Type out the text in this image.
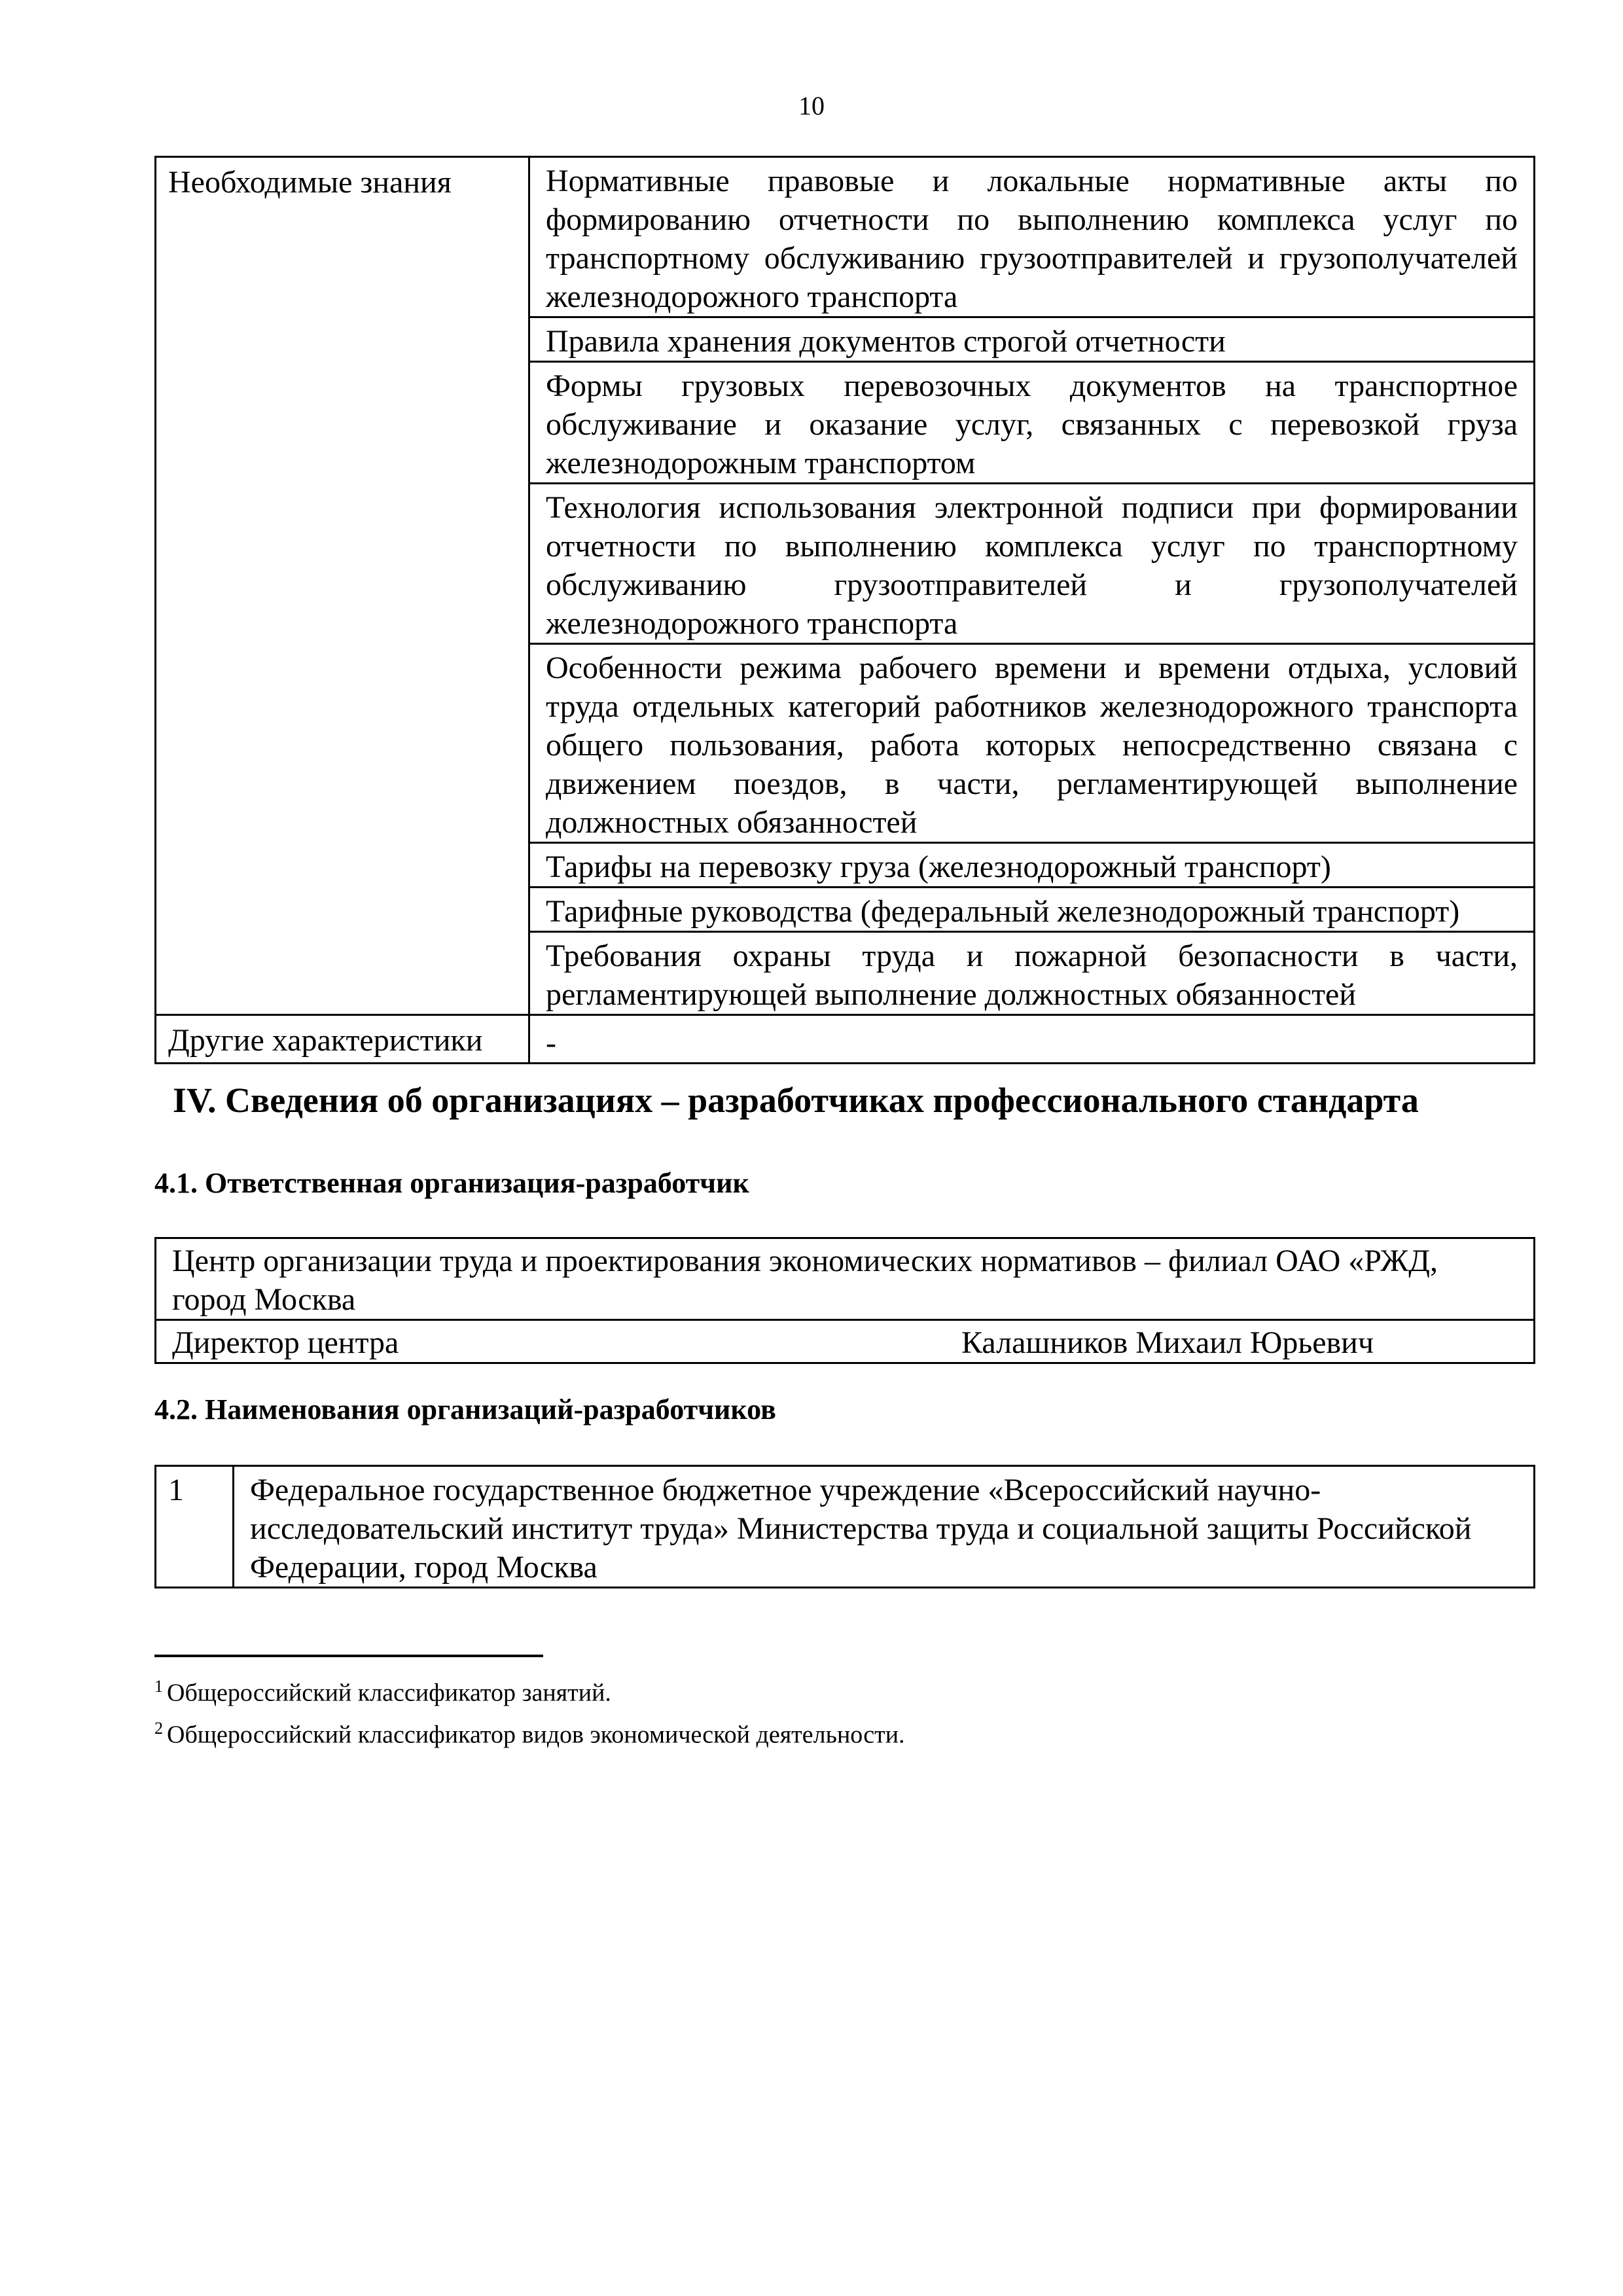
10
Необходимые знания	Нормативные правовые и локальные нормативные акты по формированию отчетности по выполнению комплекса услуг по транспортному обслуживанию грузоотправителей и грузополучателей железнодорожного транспорта
	Правила хранения документов строгой отчетности
	Формы грузовых перевозочных документов на транспортное обслуживание и оказание услуг, связанных с перевозкой груза железнодорожным транспортом
	Технология использования электронной подписи при формировании отчетности по выполнению комплекса услуг по транспортному обслуживанию грузоотправителей и грузополучателей железнодорожного транспорта
	Особенности режима рабочего времени и времени отдыха, условий труда отдельных категорий работников железнодорожного транспорта общего пользования, работа которых непосредственно связана с движением поездов, в части, регламентирующей выполнение должностных обязанностей
	Тарифы на перевозку груза (железнодорожный транспорт)
	Тарифные руководства (федеральный железнодорожный транспорт)
	Требования охраны труда и пожарной безопасности в части, регламентирующей выполнение должностных обязанностей
Другие характеристики	-
IV. Сведения об организациях – разработчиках профессионального стандарта
4.1. Ответственная организация-разработчик
Центр организации труда и проектирования экономических нормативов – филиал ОАО «РЖД, город Москва

Директор центра	Калашников Михаил Юрьевич
4.2. Наименования организаций-разработчиков
1	Федеральное государственное бюджетное учреждение «Всероссийский научно-исследовательский институт труда» Министерства труда и социальной защиты Российской Федерации, город Москва
$^1$ Общероссийский классификатор занятий.
$^2$ Общероссийский классификатор видов экономической деятельности.
